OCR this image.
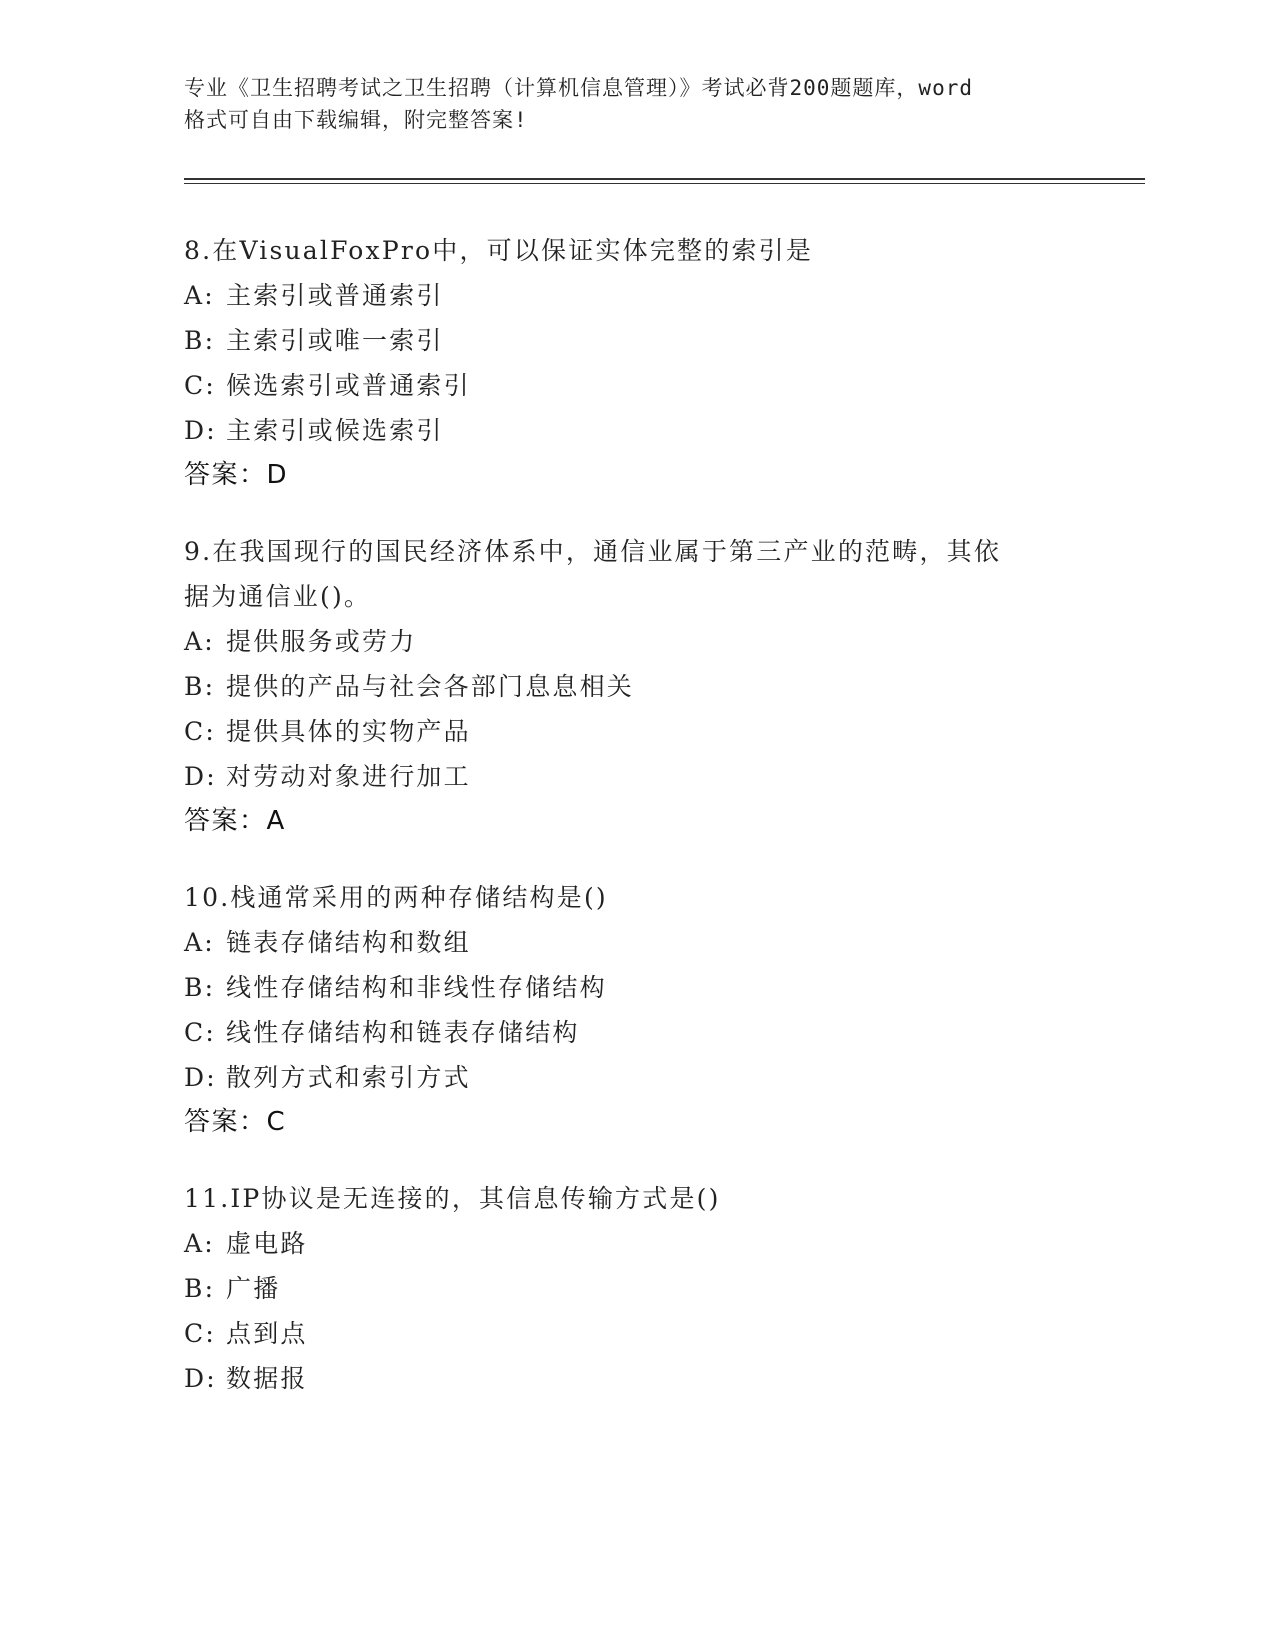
专业《卫生招聘考试之卫生招聘（计算机信息管理）》考试必背200题题库，word
格式可自由下载编辑，附完整答案!
8.在VisualFoxPro中，可以保证实体完整的索引是
A: 主索引或普通索引
B: 主索引或唯一索引
C: 候选索引或普通索引
D: 主索引或候选索引
答案：D
9.在我国现行的国民经济体系中，通信业属于第三产业的范畴，其依
据为通信业()。
A: 提供服务或劳力
B: 提供的产品与社会各部门息息相关
C: 提供具体的实物产品
D: 对劳动对象进行加工
答案：A
10.栈通常采用的两种存储结构是()
A: 链表存储结构和数组
B: 线性存储结构和非线性存储结构
C: 线性存储结构和链表存储结构
D: 散列方式和索引方式
答案：C
11.IP协议是无连接的，其信息传输方式是()
A: 虚电路
B: 广播
C: 点到点
D: 数据报
